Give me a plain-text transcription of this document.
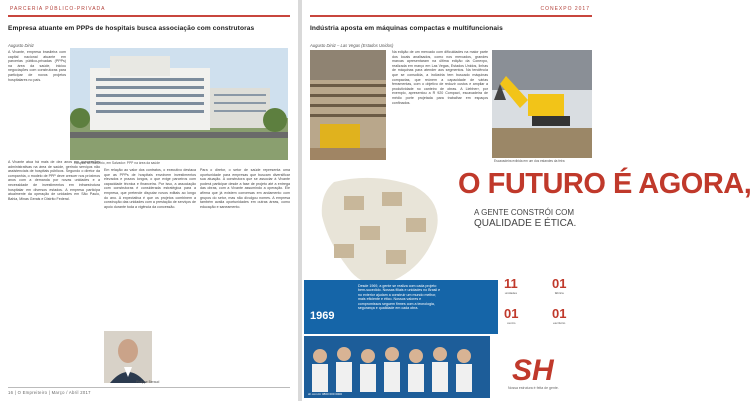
PARCERIA PÚBLICO-PRIVADA
Empresa atuante em PPPs de hospitais busca associação com construtoras
Augusto Diniz

A Vivante, empresa brasileira com capital nacional atuante em parcerias público-privadas (PPPs) na área da saúde, iniciou negociações com construtoras para participar de novos projetos hospitalares no país.

Hospital do Subúrbio, em Salvador: PPP na área da saúde

A Vivante atua há mais de dez anos em concessões administrativas na área de saúde, gerindo serviços não assistenciais de hospitais públicos. Segundo o diretor da companhia, o modelo de PPP deve crescer nos próximos anos com a demanda por novas unidades e a necessidade de investimentos em infraestrutura hospitalar em diversos estados. A empresa participa atualmente da operação de unidades em São Paulo, Bahia, Minas Gerais e Distrito Federal.

Em relação ao valor dos contratos, o executivo destaca que as PPPs de hospitais envolvem investimentos elevados e prazos longos, o que exige parceiros com capacidade técnica e financeira. Por isso, a associação com construtoras é considerada estratégica para a empresa, que pretende disputar novos editais ao longo do ano. A expectativa é que os projetos combinem a construção das unidades com a prestação de serviços de apoio durante toda a vigência da concessão.

Para o diretor, o setor de saúde representa uma oportunidade para empresas que buscam diversificar sua atuação. A construtora que se associar à Vivante poderá participar desde a fase de projeto até a entrega das obras, com a Vivante assumindo a operação. Ele afirma que já existem conversas em andamento com grupos do setor, mas não divulgou nomes. A empresa também avalia oportunidades em outras áreas, como educação e saneamento.

Philippe Beraud
16 | O Empreiteiro | Março / Abril 2017
CONEXPO 2017
Indústria aposta em máquinas compactas e multifuncionais
Augusto Diniz – Las Vegas (Estados Unidos)

Na edição de um mercado com dificuldades na maior parte dos locais analisados, como nos mercados, grandes marcas apresentaram na última edição da Conexpo, realizada em março em Las Vegas, Estados Unidos, linhas de máquinas para atender aos segmentos. Na tendência que se consolida, a indústria tem buscado máquinas compactas, que reúnem a capacidade de várias ferramentas, com o objetivo de reduzir custos e ampliar a produtividade no canteiro de obras. A Liebherr, por exemplo, apresentou a R 920 Compact, escavadeira de médio porte projetada para trabalhar em espaços confinados.

Escavadeira exibida em um dos estandes da feira
O FUTURO É AGORA,
A GENTE CONSTRÓI COM
QUALIDADE E ÉTICA.
1969
Desde 1969, a gente se realiza com cada projeto bem-sucedido. Nossas filiais e unidades no Brasil e no exterior ajudam a construir um mundo melhor, mais eficiente e ético. Nossos valores e compromissos seguem firmes com a tecnologia, segurança e qualidade em cada obra.
11
unidades
01
fábrica
01
centro
01
escritório
sh.com.br 0800 000 0000
SH
Nossa estrutura é feita de gente.
